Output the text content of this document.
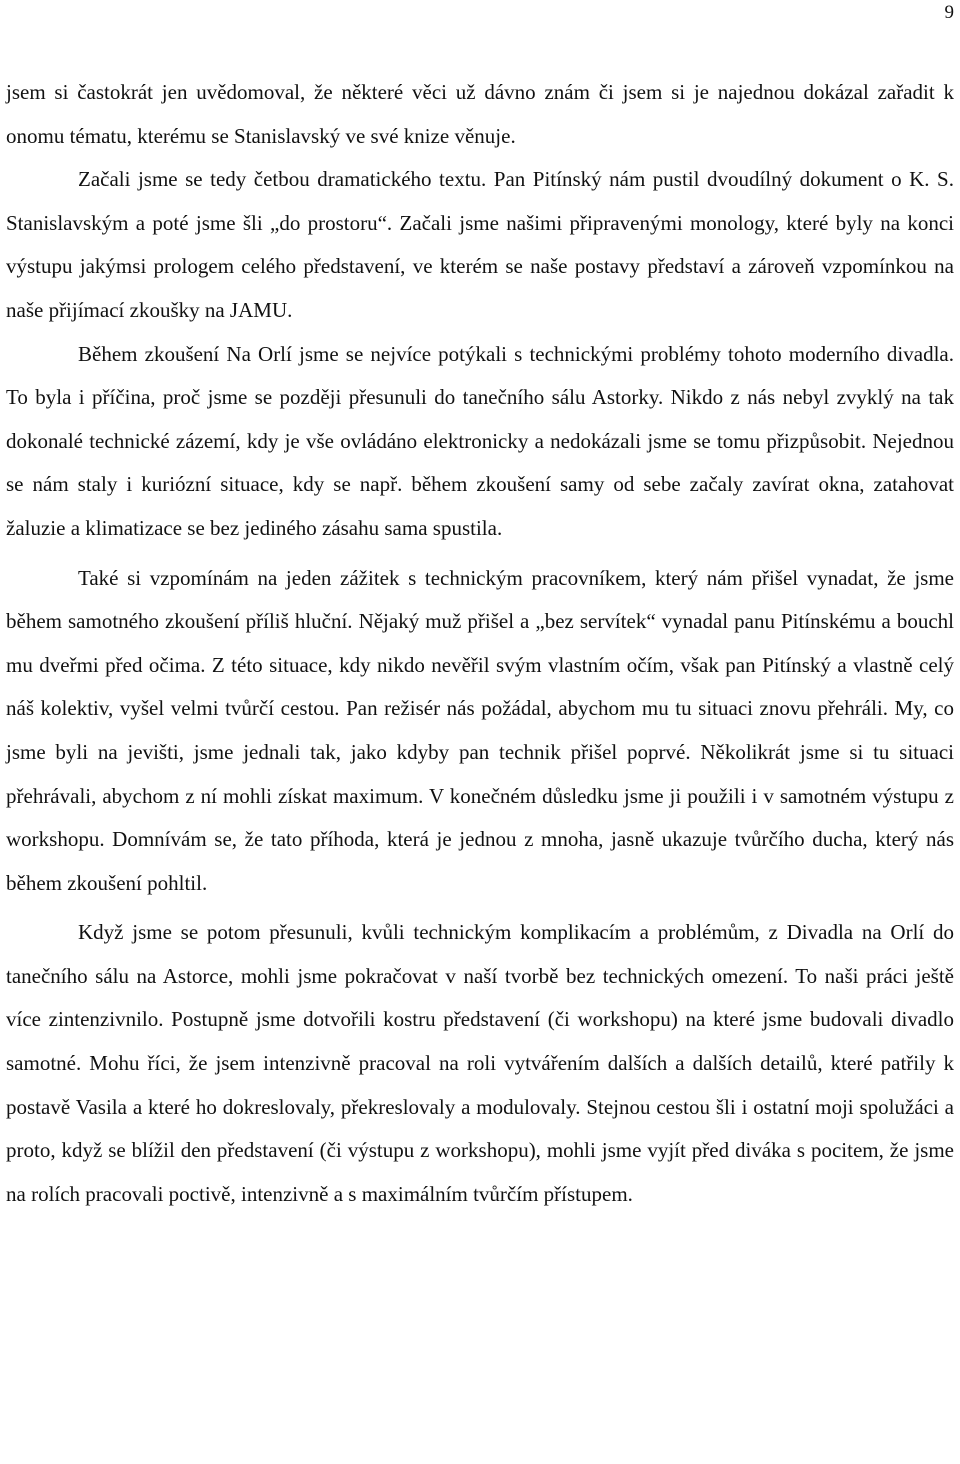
9

jsem si častokrát jen uvědomoval, že některé věci už dávno znám či jsem si je najednou dokázal zařadit k onomu tématu, kterému se Stanislavský ve své knize věnuje.

Začali jsme se tedy četbou dramatického textu. Pan Pitínský nám pustil dvoudílný dokument o K. S. Stanislavským a poté jsme šli „do prostoru“. Začali jsme našimi připravenými monology, které byly na konci výstupu jakýmsi prologem celého představení, ve kterém se naše postavy představí a zároveň vzpomínkou na naše přijímací zkoušky na JAMU.

Během zkoušení Na Orlí jsme se nejvíce potýkali s technickými problémy tohoto moderního divadla. To byla i příčina, proč jsme se později přesunuli do tanečního sálu Astorky. Nikdo z nás nebyl zvyklý na tak dokonalé technické zázemí, kdy je vše ovládáno elektronicky a nedokázali jsme se tomu přizpůsobit. Nejednou se nám staly i kuriózní situace, kdy se např. během zkoušení samy od sebe začaly zavírat okna, zatahovat žaluzie a klimatizace se bez jediného zásahu sama spustila.

Také si vzpomínám na jeden zážitek s technickým pracovníkem, který nám přišel vynadat, že jsme během samotného zkoušení příliš hluční. Nějaký muž přišel a „bez servítek“ vynadal panu Pitínskému a bouchl mu dveřmi před očima. Z této situace, kdy nikdo nevěřil svým vlastním očím, však pan Pitínský a vlastně celý náš kolektiv, vyšel velmi tvůrčí cestou. Pan režisér nás požádal, abychom mu tu situaci znovu přehráli. My, co jsme byli na jevišti, jsme jednali tak, jako kdyby pan technik přišel poprvé. Několikrát jsme si tu situaci přehrávali, abychom z ní mohli získat maximum. V konečném důsledku jsme ji použili i v samotném výstupu z workshopu. Domnívám se, že tato příhoda, která je jednou z mnoha, jasně ukazuje tvůrčího ducha, který nás během zkoušení pohltil.

Když jsme se potom přesunuli, kvůli technickým komplikacím a problémům, z Divadla na Orlí do tanečního sálu na Astorce, mohli jsme pokračovat v naší tvorbě bez technických omezení. To naši práci ještě více zintenzivnilo. Postupně jsme dotvořili kostru představení (či workshopu) na které jsme budovali divadlo samotné. Mohu říci, že jsem intenzivně pracoval na roli vytvářením dalších a dalších detailů, které patřily k postavě Vasila a které ho dokreslovaly, překreslovaly a modulovaly. Stejnou cestou šli i ostatní moji spolužáci a proto, když se blížil den představení (či výstupu z workshopu), mohli jsme vyjít před diváka s pocitem, že jsme na rolích pracovali poctivě, intenzivně a s maximálním tvůrčím přístupem.
